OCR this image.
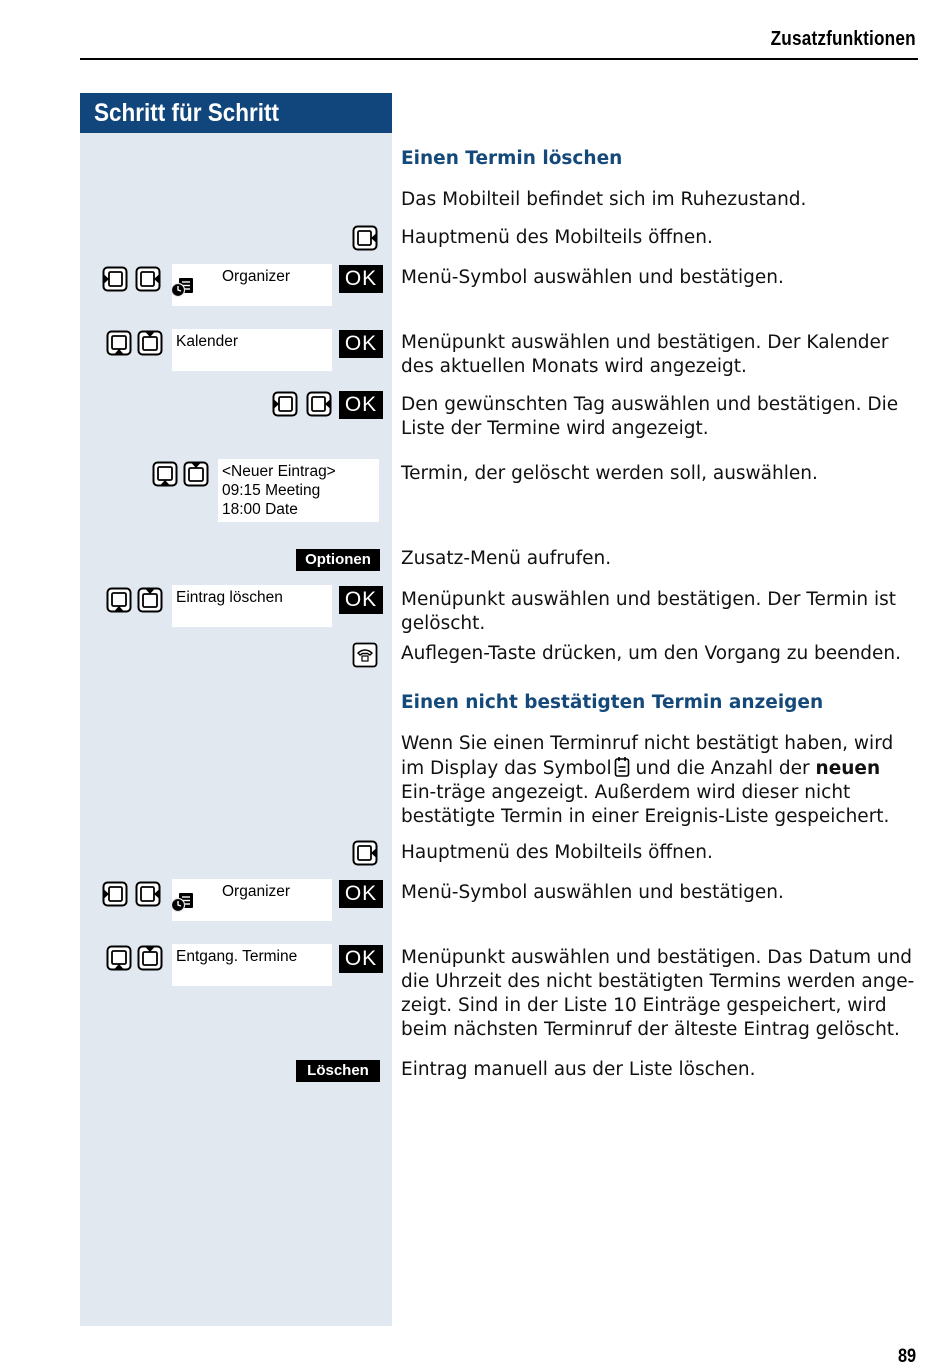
Zusatzfunktionen
Schritt für Schritt
Einen Termin löschen
Das Mobilteil befindet sich im Ruhezustand.
Hauptmenü des Mobilteils öffnen.
Organizer	OK	Menü-Symbol auswählen und bestätigen.
Kalender	OK	Menüpunkt auswählen und bestätigen. Der Kalender des aktuellen Monats wird angezeigt.
OK	Den gewünschten Tag auswählen und bestätigen. Die Liste der Termine wird angezeigt.
<Neuer Eintrag>
09:15 Meeting
18:00 Date
Termin, der gelöscht werden soll, auswählen.
Optionen	Zusatz-Menü aufrufen.
Eintrag löschen	OK	Menüpunkt auswählen und bestätigen. Der Termin ist gelöscht.
Auflegen-Taste drücken, um den Vorgang zu beenden.
Einen nicht bestätigten Termin anzeigen
Wenn Sie einen Terminruf nicht bestätigt haben, wird im Display das Symbol und die Anzahl der neuen Ein-träge angezeigt. Außerdem wird dieser nicht bestätigte Termin in einer Ereignis-Liste gespeichert.
Hauptmenü des Mobilteils öffnen.
Organizer	OK	Menü-Symbol auswählen und bestätigen.
Entgang. Termine	OK	Menüpunkt auswählen und bestätigen. Das Datum und die Uhrzeit des nicht bestätigten Termins werden ange-zeigt. Sind in der Liste 10 Einträge gespeichert, wird beim nächsten Terminruf der älteste Eintrag gelöscht.
Löschen	Eintrag manuell aus der Liste löschen.
89
